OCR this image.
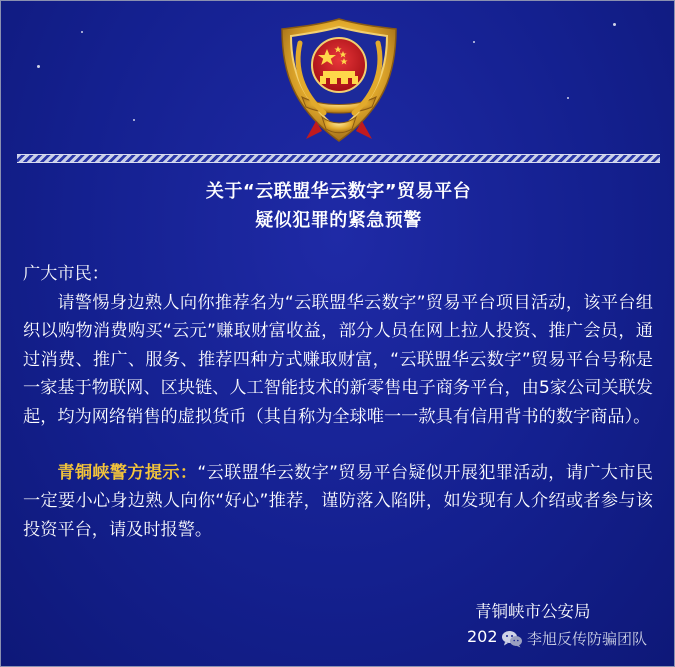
关于“云联盟华云数字”贸易平台
疑似犯罪的紧急预警
广大市民：
请警惕身边熟人向你推荐名为“云联盟华云数字”贸易平台项目活动，该平台组织以购物消费购买“云元”赚取财富收益，部分人员在网上拉人投资、推广会员，通过消费、推广、服务、推荐四种方式赚取财富，“云联盟华云数字”贸易平台号称是一家基于物联网、区块链、人工智能技术的新零售电子商务平台，由5家公司关联发起，均为网络销售的虚拟货币（其自称为全球唯一一款具有信用背书的数字商品）。
青铜峡警方提示：“云联盟华云数字”贸易平台疑似开展犯罪活动，请广大市民一定要小心身边熟人向你“好心”推荐，谨防落入陷阱，如发现有人介绍或者参与该投资平台，请及时报警。
青铜峡市公安局
202 李旭反传防骗团队
